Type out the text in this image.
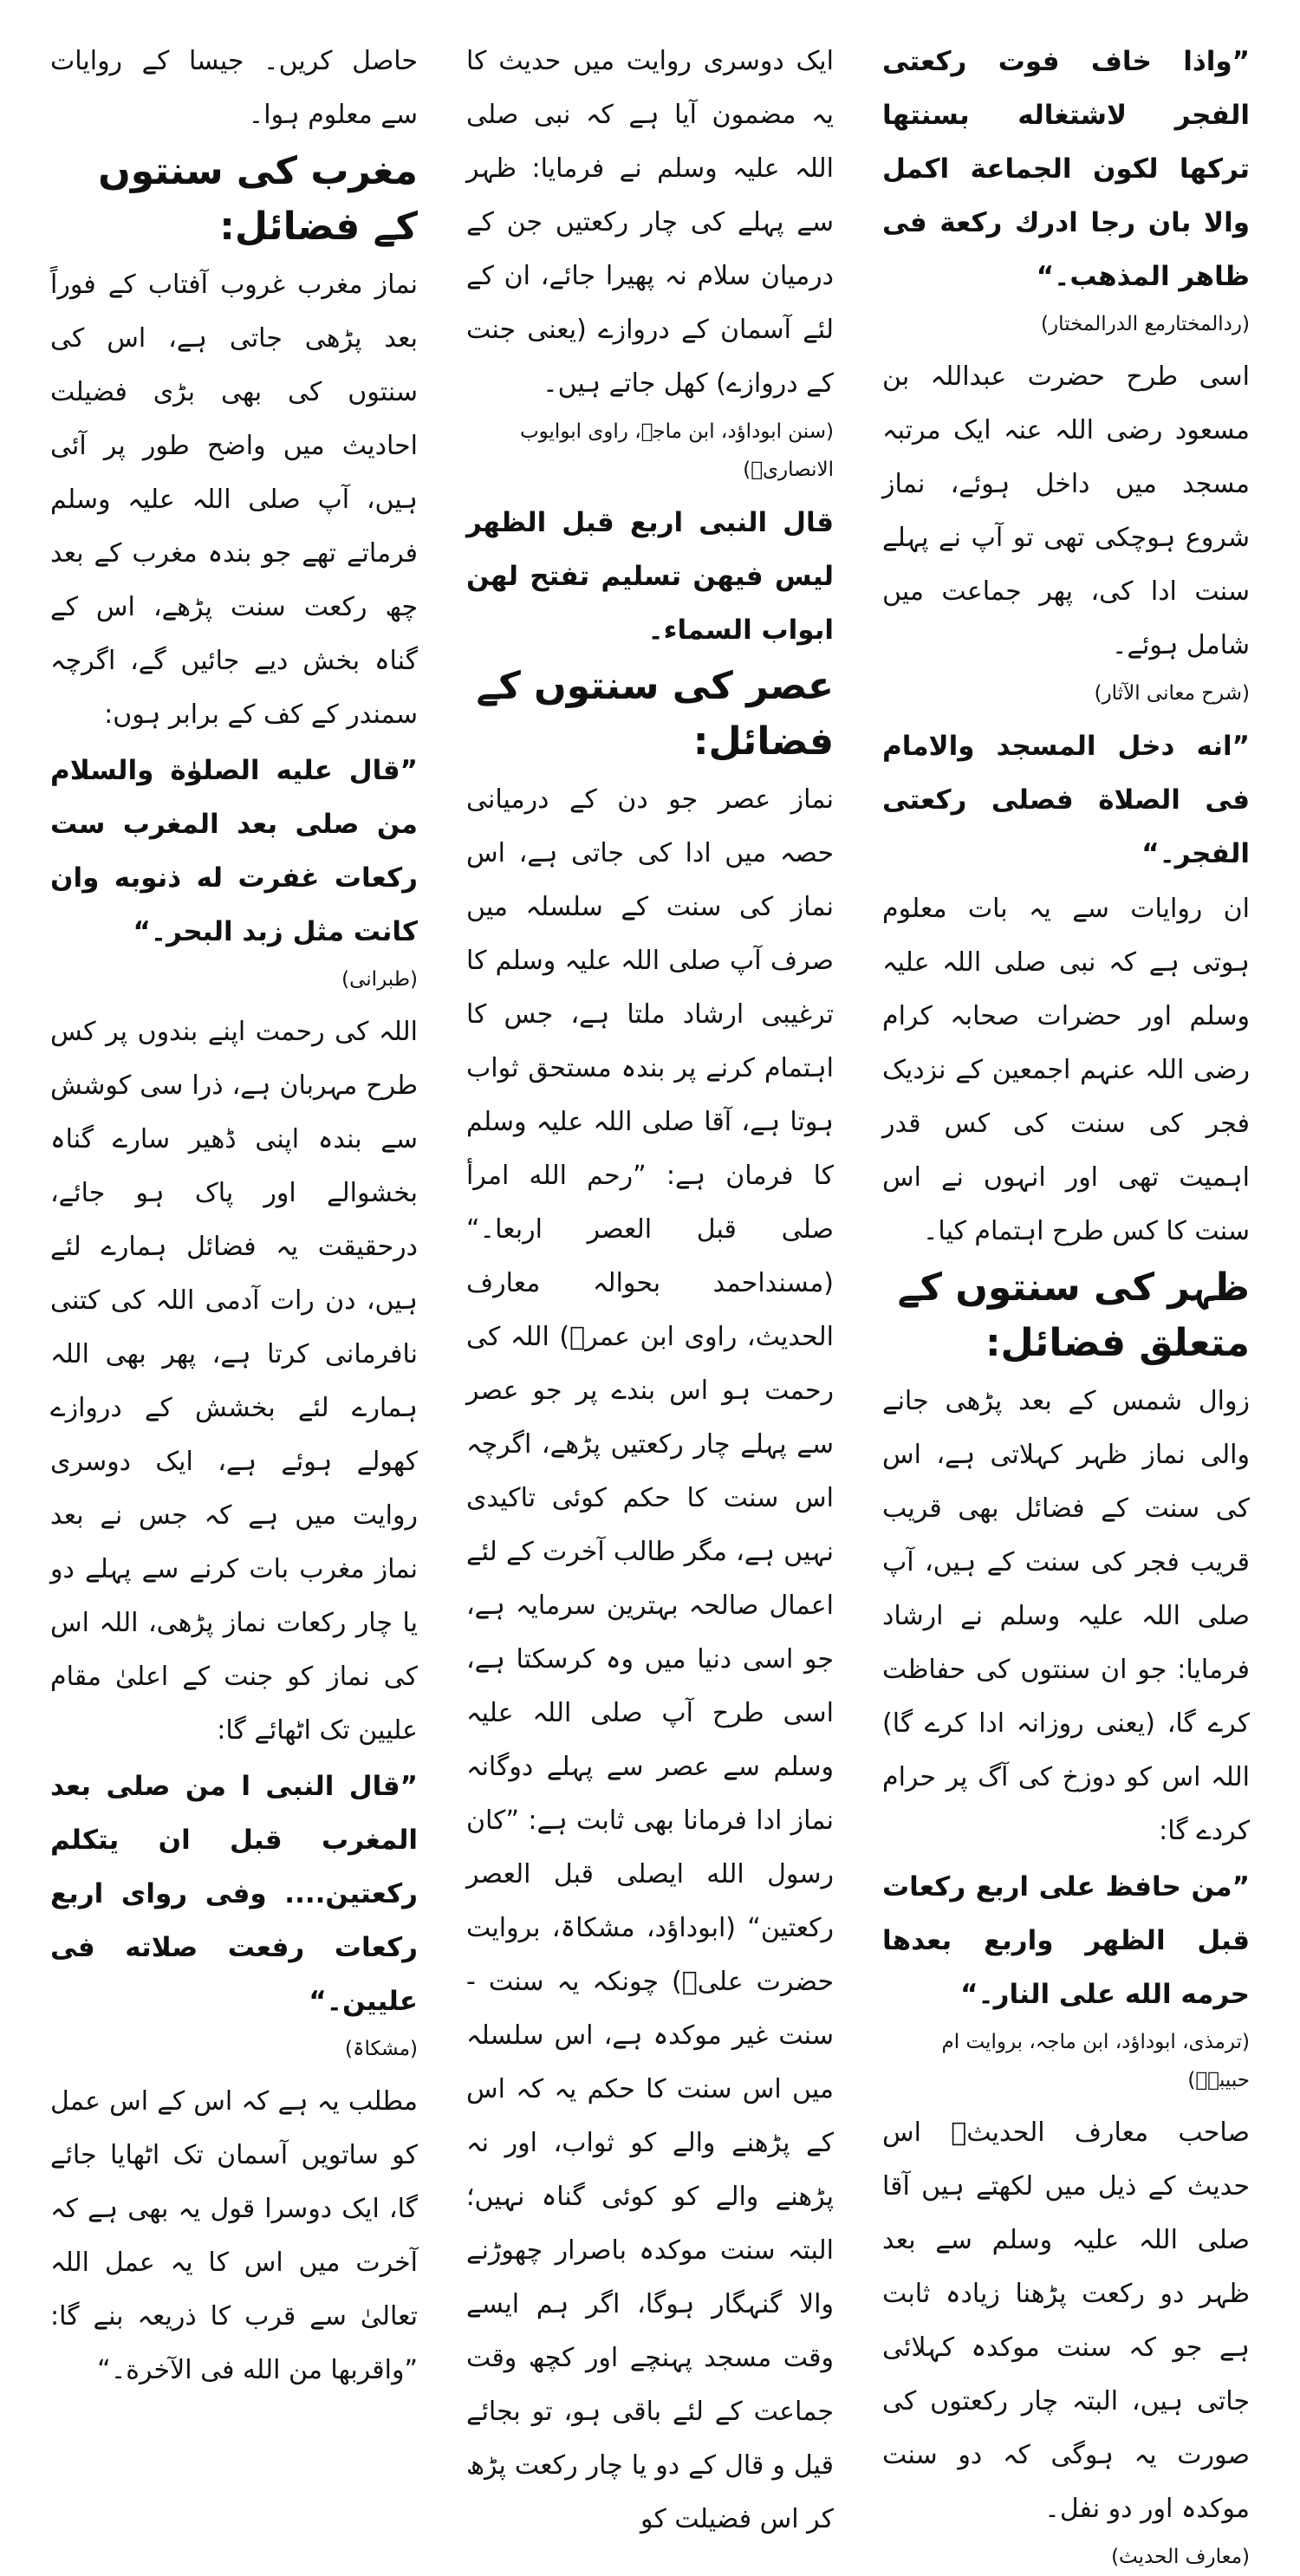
”واذا خاف فوت ركعتى الفجر لاشتغاله بسنتها تركها لكون الجماعة اكمل والا بان رجا ادرك ركعة فى ظاهر المذهب۔“

(ردالمختارمع الدرالمختار)

اسی طرح حضرت عبداللہ بن مسعود رضی اللہ عنہ ایک مرتبہ مسجد میں داخل ہوئے، نماز شروع ہوچکی تھی تو آپ نے پہلے سنت ادا کی، پھر جماعت میں شامل ہوئے۔

(شرح معانی الآثار)

”انه دخل المسجد والامام فى الصلاة فصلى ركعتى الفجر۔“

ان روایات سے یہ بات معلوم ہوتی ہے کہ نبی صلی اللہ علیہ وسلم اور حضرات صحابہ کرام رضی اللہ عنہم اجمعین کے نزدیک فجر کی سنت کی کس قدر اہمیت تھی اور انہوں نے اس سنت کا کس طرح اہتمام کیا۔

ظہر کی سنتوں کے متعلق فضائل:

زوال شمس کے بعد پڑھی جانے والی نماز ظہر کہلاتی ہے، اس کی سنت کے فضائل بھی قریب قریب فجر کی سنت کے ہیں، آپ صلی اللہ علیہ وسلم نے ارشاد فرمایا: جو ان سنتوں کی حفاظت کرے گا، (یعنی روزانہ ادا کرے گا) اللہ اس کو دوزخ کی آگ پر حرام کردے گا:

”من حافظ على اربع ركعات قبل الظهر واربع بعدها حرمه الله على النار۔“

(ترمذی، ابوداؤد، ابن ماجہ، بروایت ام حبیبہؓ)

صاحب معارف الحدیثؒ اس حدیث کے ذیل میں لکھتے ہیں آقا صلی اللہ علیہ وسلم سے بعد ظہر دو رکعت پڑھنا زیادہ ثابت ہے جو کہ سنت موکدہ کہلائی جاتی ہیں، البتہ چار رکعتوں کی صورت یہ ہوگی کہ دو سنت موکدہ اور دو نفل۔

(معارف الحدیث)

ایک دوسری روایت میں حدیث کا یہ مضمون آیا ہے کہ نبی صلی اللہ علیہ وسلم نے فرمایا: ظہر سے پہلے کی چار رکعتیں جن کے درمیان سلام نہ پھیرا جائے، ان کے لئے آسمان کے دروازے (یعنی جنت کے دروازے) کھل جاتے ہیں۔

(سنن ابوداؤد، ابن ماجہ، راوی ابوایوب الانصاریؓ)

قال النبى اربع قبل الظهر ليس فيهن تسليم تفتح لهن ابواب السماء۔

عصر کی سنتوں کے فضائل:

نماز عصر جو دن کے درمیانی حصہ میں ادا کی جاتی ہے، اس نماز کی سنت کے سلسلہ میں صرف آپ صلی اللہ علیہ وسلم کا ترغیبی ارشاد ملتا ہے، جس کا اہتمام کرنے پر بندہ مستحق ثواب ہوتا ہے، آقا صلی اللہ علیہ وسلم کا فرمان ہے: ”رحم الله امرأ صلى قبل العصر اربعا۔“ (مسنداحمد بحوالہ معارف الحدیث، راوی ابن عمرؓ) اللہ کی رحمت ہو اس بندے پر جو عصر سے پہلے چار رکعتیں پڑھے، اگرچہ اس سنت کا حکم کوئی تاکیدی نہیں ہے، مگر طالب آخرت کے لئے اعمال صالحہ بہترین سرمایہ ہے، جو اسی دنیا میں وہ کرسکتا ہے، اسی طرح آپ صلی اللہ علیہ وسلم سے عصر سے پہلے دوگانہ نماز ادا فرمانا بھی ثابت ہے: ”كان رسول الله ايصلى قبل العصر ركعتين“ (ابوداؤد، مشکاۃ، بروایت حضرت علیؓ) چونکہ یہ سنت - سنت غیر موکدہ ہے، اس سلسلہ میں اس سنت کا حکم یہ کہ اس کے پڑھنے والے کو ثواب، اور نہ پڑھنے والے کو کوئی گناہ نہیں؛ البتہ سنت موکدہ باصرار چھوڑنے والا گنہگار ہوگا، اگر ہم ایسے وقت مسجد پہنچے اور کچھ وقت جماعت کے لئے باقی ہو، تو بجائے قیل و قال کے دو یا چار رکعت پڑھ کر اس فضیلت کو

حاصل کریں۔ جیسا کے روایات سے معلوم ہوا۔

مغرب کی سنتوں کے فضائل:

نماز مغرب غروب آفتاب کے فوراً بعد پڑھی جاتی ہے، اس کی سنتوں کی بھی بڑی فضیلت احادیث میں واضح طور پر آئی ہیں، آپ صلی اللہ علیہ وسلم فرماتے تھے جو بندہ مغرب کے بعد چھ رکعت سنت پڑھے، اس کے گناہ بخش دیے جائیں گے، اگرچہ سمندر کے کف کے برابر ہوں:

”قال عليه الصلوٰة والسلام من صلى بعد المغرب ست ركعات غفرت له ذنوبه وان كانت مثل زبد البحر۔“

(طبرانی)

اللہ کی رحمت اپنے بندوں پر کس طرح مہربان ہے، ذرا سی کوشش سے بندہ اپنی ڈھیر سارے گناہ بخشوالے اور پاک ہو جائے، درحقیقت یہ فضائل ہمارے لئے ہیں، دن رات آدمی اللہ کی کتنی نافرمانی کرتا ہے، پھر بھی اللہ ہمارے لئے بخشش کے دروازے کھولے ہوئے ہے، ایک دوسری روایت میں ہے کہ جس نے بعد نماز مغرب بات کرنے سے پہلے دو یا چار رکعات نماز پڑھی، اللہ اس کی نماز کو جنت کے اعلیٰ مقام علیین تک اٹھائے گا:

”قال النبى ا من صلى بعد المغرب قبل ان يتكلم ركعتين.... وفى رواى اربع ركعات رفعت صلاته فى عليين۔“

(مشکاۃ)

مطلب یہ ہے کہ اس کے اس عمل کو ساتویں آسمان تک اٹھایا جائے گا، ایک دوسرا قول یہ بھی ہے کہ آخرت میں اس کا یہ عمل اللہ تعالیٰ سے قرب کا ذریعہ بنے گا: ”واقربها من الله فى الآخرة۔“
